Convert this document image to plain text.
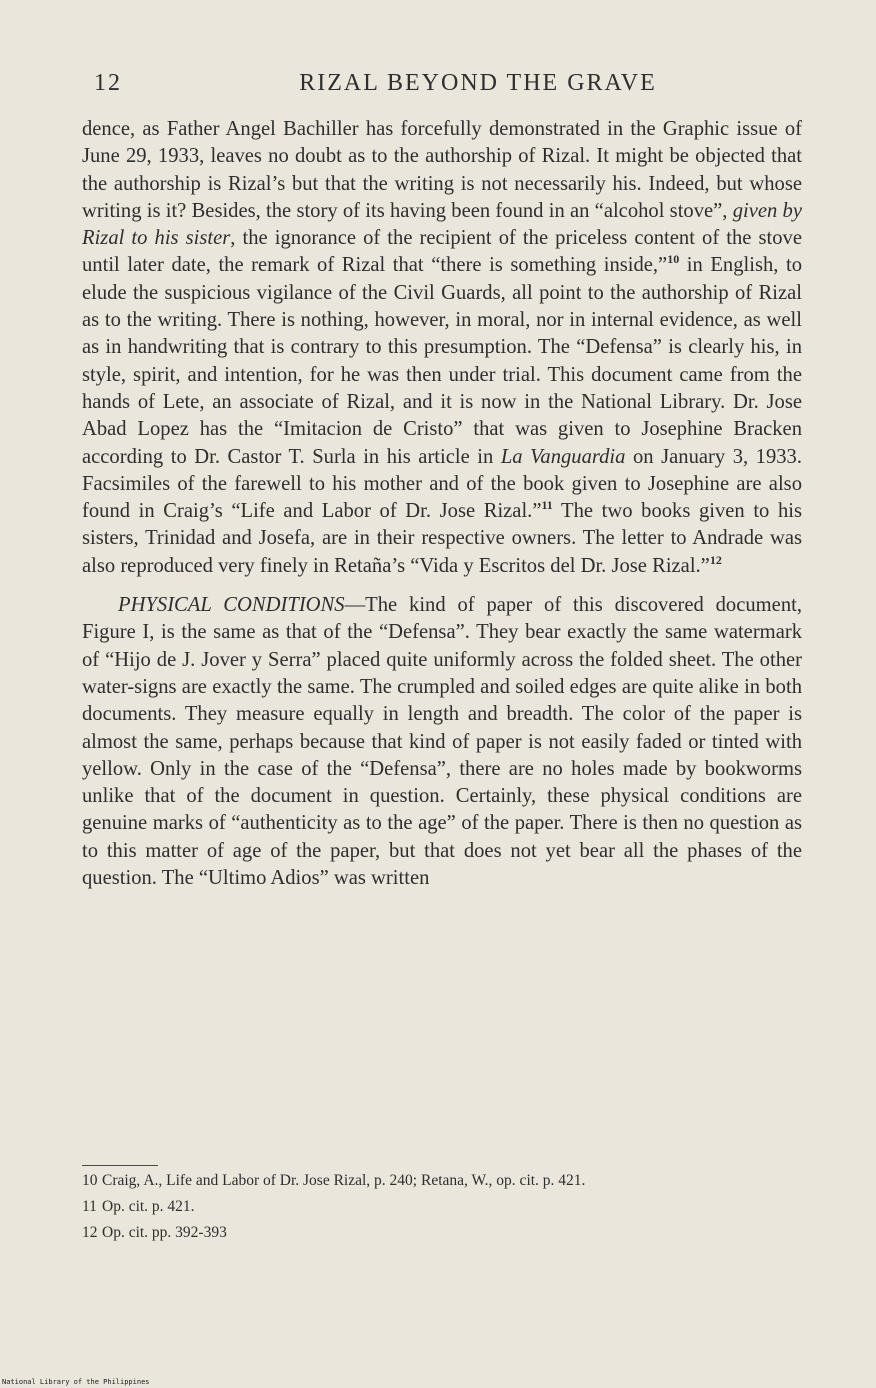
12	RIZAL BEYOND THE GRAVE

dence, as Father Angel Bachiller has forcefully demonstrated in the Graphic issue of June 29, 1933, leaves no doubt as to the authorship of Rizal. It might be objected that the authorship is Rizal’s but that the writing is not necessarily his. Indeed, but whose writing is it? Besides, the story of its having been found in an “alcohol stove”, given by Rizal to his sister, the ignorance of the recipient of the priceless content of the stove until later date, the remark of Rizal that “there is something inside,”$^{10}$ in English, to elude the suspicious vigilance of the Civil Guards, all point to the authorship of Rizal as to the writing. There is nothing, however, in moral, nor in internal evidence, as well as in handwriting that is contrary to this presumption. The “Defensa” is clearly his, in style, spirit, and intention, for he was then under trial. This document came from the hands of Lete, an associate of Rizal, and it is now in the National Library. Dr. Jose Abad Lopez has the “Imitacion de Cristo” that was given to Josephine Bracken according to Dr. Castor T. Surla in his article in La Vanguardia on January 3, 1933. Facsimiles of the farewell to his mother and of the book given to Josephine are also found in Craig’s “Life and Labor of Dr. Jose Rizal.”$^{11}$ The two books given to his sisters, Trinidad and Josefa, are in their respective owners. The letter to Andrade was also reproduced very finely in Retaña’s “Vida y Escritos del Dr. Jose Rizal.”$^{12}$

PHYSICAL CONDITIONS—The kind of paper of this discovered document, Figure I, is the same as that of the “Defensa”. They bear exactly the same watermark of “Hijo de J. Jover y Serra” placed quite uniformly across the folded sheet. The other water-signs are exactly the same. The crumpled and soiled edges are quite alike in both documents. They measure equally in length and breadth. The color of the paper is almost the same, perhaps because that kind of paper is not easily faded or tinted with yellow. Only in the case of the “Defensa”, there are no holes made by bookworms unlike that of the document in question. Certainly, these physical conditions are genuine marks of “authenticity as to the age” of the paper. There is then no question as to this matter of age of the paper, but that does not yet bear all the phases of the question. The “Ultimo Adios” was written

10 Craig, A., Life and Labor of Dr. Jose Rizal, p. 240; Retana, W., op. cit. p. 421.
11 Op. cit. p. 421.
12 Op. cit. pp. 392-393
National Library of the Philippines
